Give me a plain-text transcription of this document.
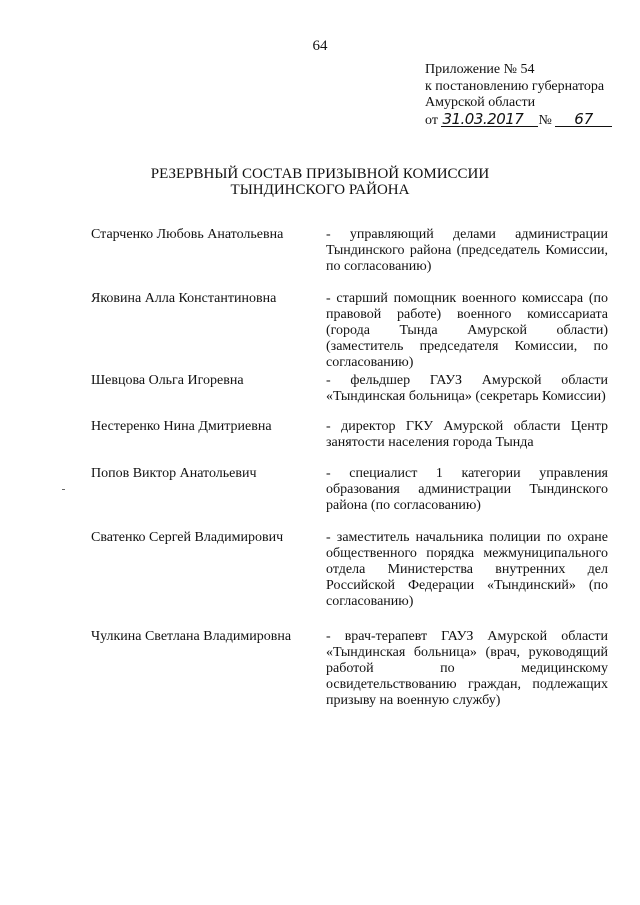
64
Приложение № 54
к постановлению губернатора
Амурской области
от 31.03.2017 № 67
РЕЗЕРВНЫЙ СОСТАВ ПРИЗЫВНОЙ КОМИССИИ
ТЫНДИНСКОГО РАЙОНА
Старченко Любовь Анатольевна	- управляющий делами администрации Тындинского района (председатель Комиссии, по согласованию)
Яковина Алла Константиновна	- старший помощник военного комиссара (по правовой работе) военного комиссариата (города Тында Амурской области) (заместитель председателя Комиссии, по согласованию)
Шевцова Ольга Игоревна	- фельдшер ГАУЗ Амурской области «Тындинская больница» (секретарь Комиссии)
Нестеренко Нина Дмитриевна	- директор ГКУ Амурской области Центр занятости населения города Тында
Попов Виктор Анатольевич	- специалист 1 категории управления образования администрации Тындинского района (по согласованию)
Сватенко Сергей Владимирович	- заместитель начальника полиции по охране общественного порядка межмуниципального отдела Министерства внутренних дел Российской Федерации «Тындинский» (по согласованию)
Чулкина Светлана Владимировна - врач-терапевт ГАУЗ Амурской области «Тындинская больница» (врач, руководящий работой по медицинскому освидетельствованию граждан, подлежащих призыву на военную службу)
